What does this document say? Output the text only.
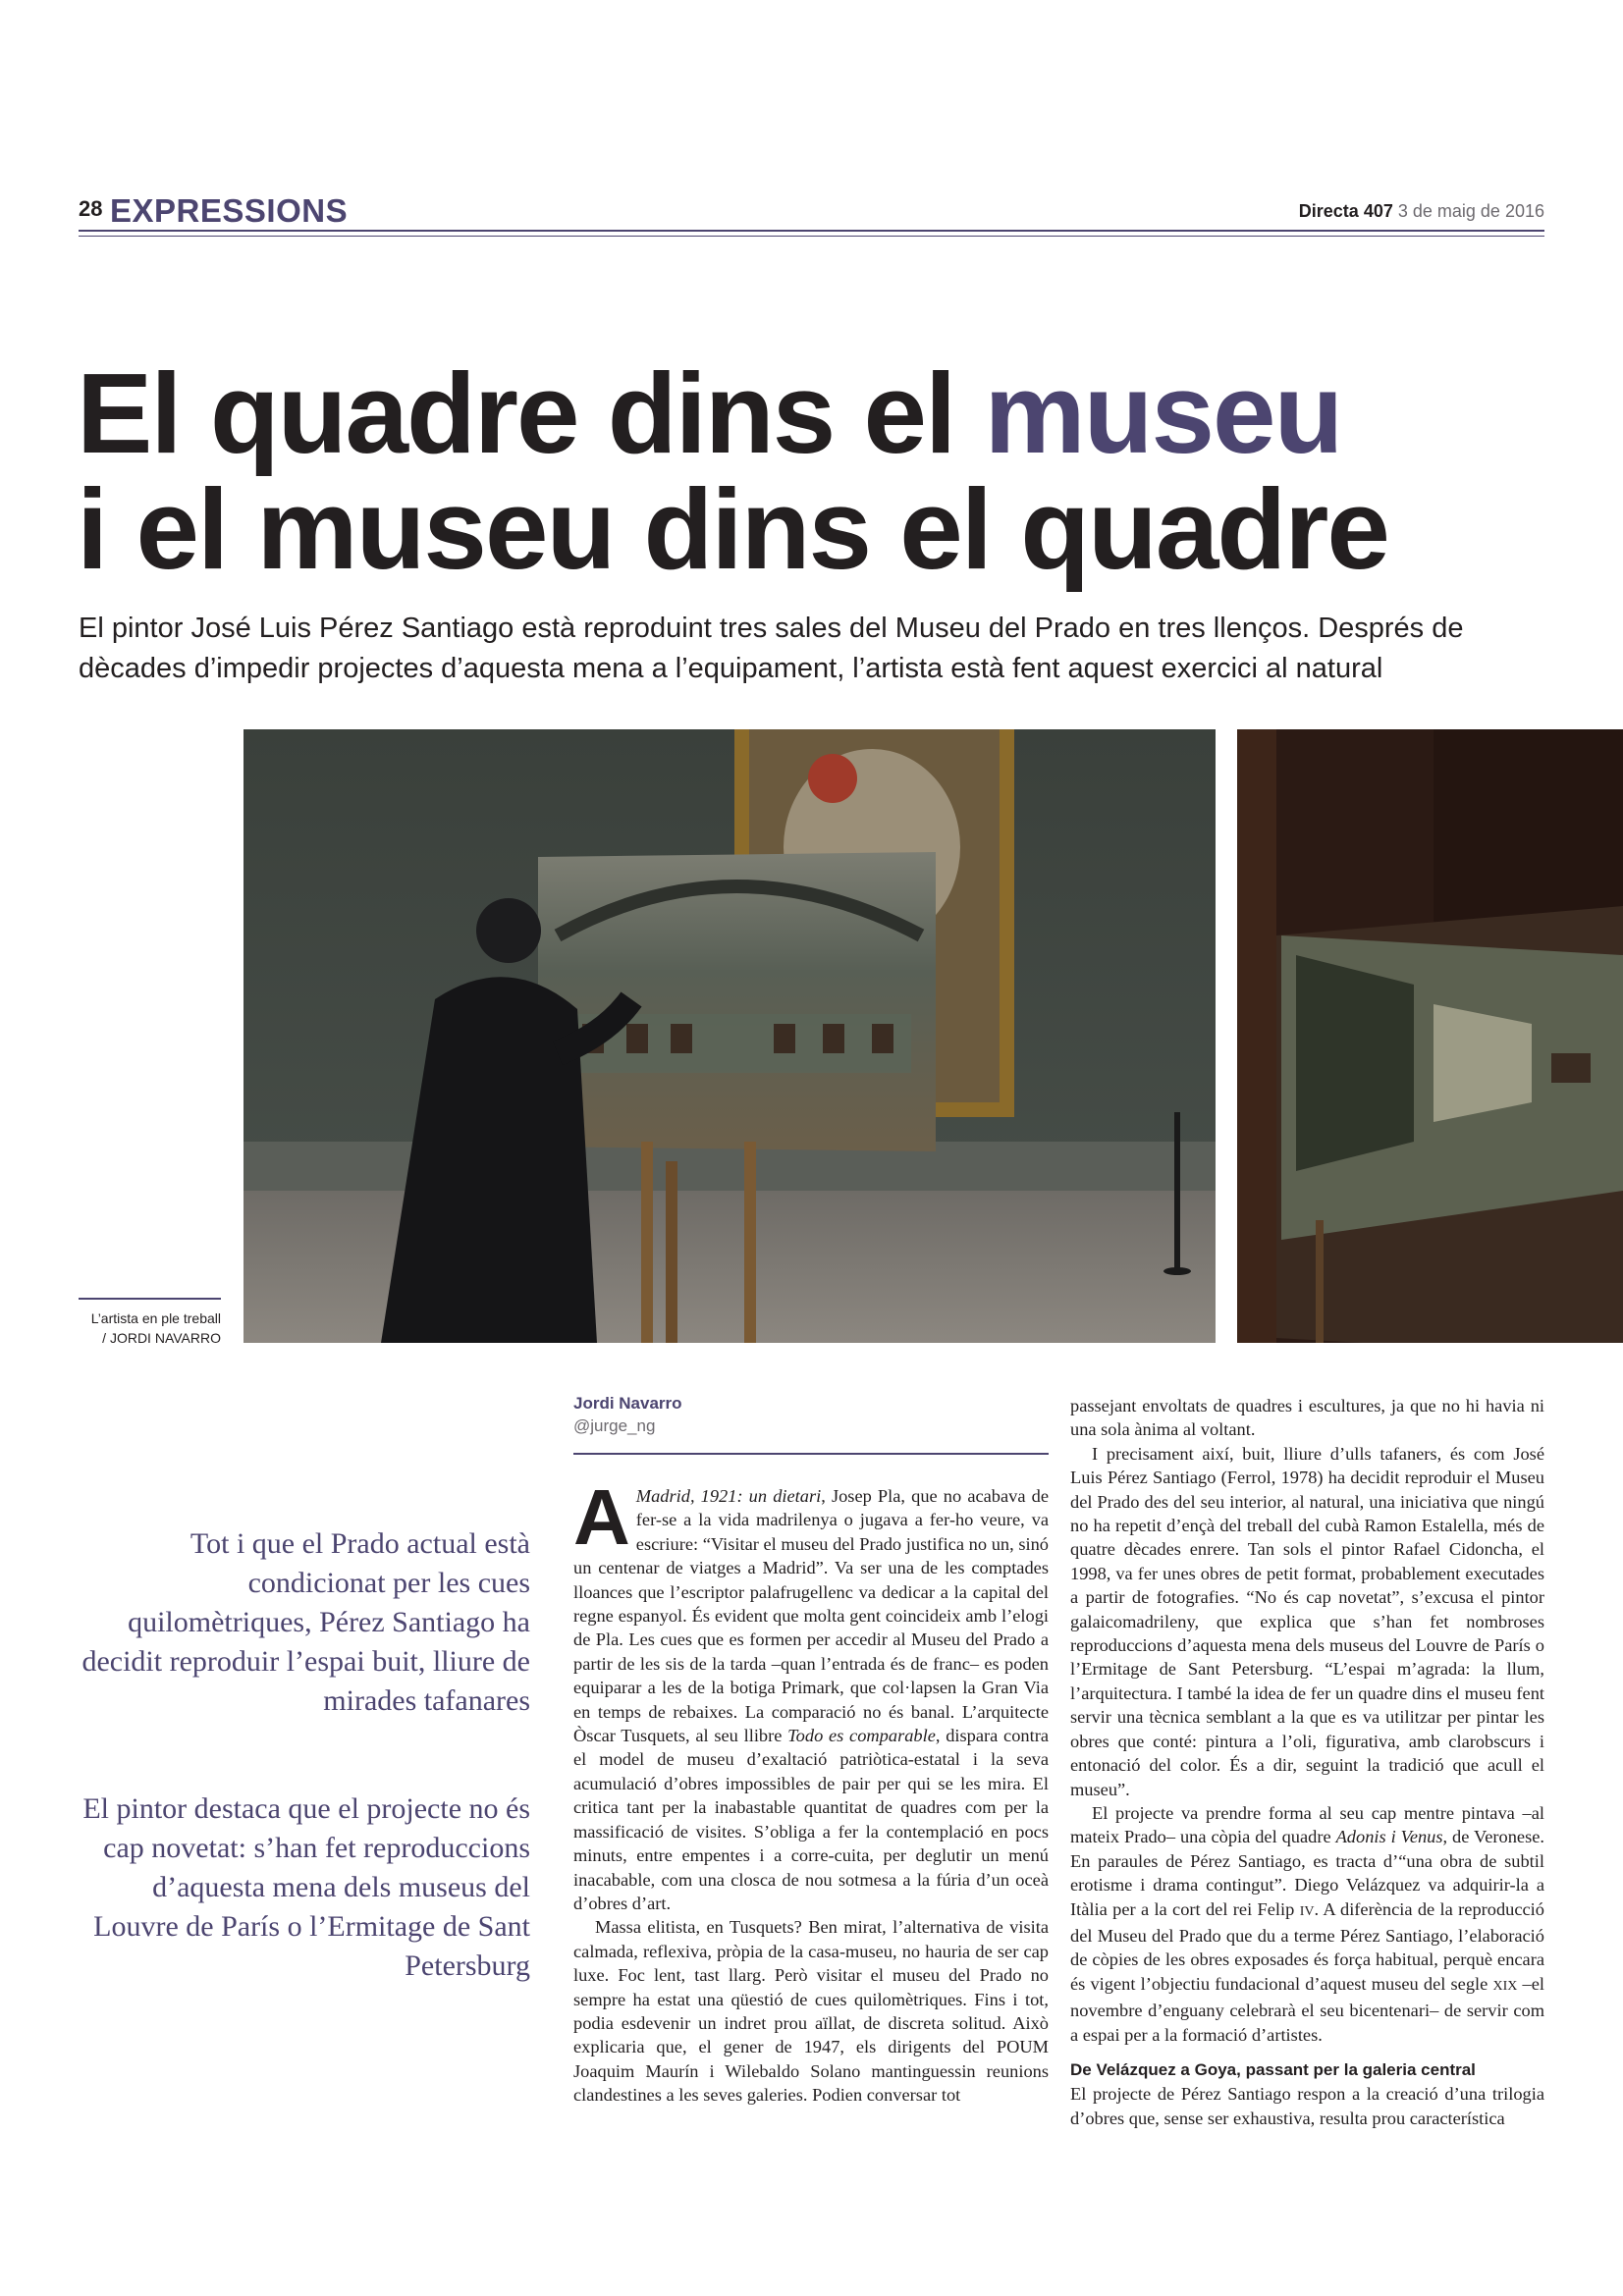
28 EXPRESSIONS	Directa 407 3 de maig de 2016
El quadre dins el museu
i el museu dins el quadre
El pintor José Luis Pérez Santiago està reproduint tres sales del Museu del Prado en tres llenços. Després de dècades d’impedir projectes d’aquesta mena a l’equipament, l’artista està fent aquest exercici al natural
L’artista en ple treball
/ JORDI NAVARRO
Jordi Navarro
@jurge_ng
Tot i que el Prado actual està condicionat per les cues quilomètriques, Pérez Santiago ha decidit reproduir l’espai buit, lliure de mirades tafanares
El pintor destaca que el projecte no és cap novetat: s’han fet reproduccions d’aquesta mena dels museus del Louvre de París o l’Ermitage de Sant Petersburg

A Madrid, 1921: un dietari, Josep Pla, que no acabava de fer-se a la vida madrilenya o jugava a fer-ho veure, va escriure: “Visitar el museu del Prado justifica no un, sinó un centenar de viatges a Madrid”. Va ser una de les comptades lloances que l’escriptor palafrugellenc va dedicar a la capital del regne espanyol. És evident que molta gent coincideix amb l’elogi de Pla. Les cues que es formen per accedir al Museu del Prado a partir de les sis de la tarda –quan l’entrada és de franc– es poden equiparar a les de la botiga Primark, que col·lapsen la Gran Via en temps de rebaixes. La comparació no és banal. L’arquitecte Òscar Tusquets, al seu llibre Todo es comparable, dispara contra el model de museu d’exaltació patriòtica-estatal i la seva acumulació d’obres impossibles de pair per qui se les mira. El critica tant per la inabastable quantitat de quadres com per la massificació de visites. S’obliga a fer la contemplació en pocs minuts, entre empentes i a corre-cuita, per deglutir un menú inacabable, com una closca de nou sotmesa a la fúria d’un oceà d’obres d’art.

Massa elitista, en Tusquets? Ben mirat, l’alternativa de visita calmada, reflexiva, pròpia de la casa-museu, no hauria de ser cap luxe. Foc lent, tast llarg. Però visitar el museu del Prado no sempre ha estat una qüestió de cues quilomètriques. Fins i tot, podia esdevenir un indret prou aïllat, de discreta solitud. Això explicaria que, el gener de 1947, els dirigents del POUM Joaquim Maurín i Wilebaldo Solano mantinguessin reunions clandestines a les seves galeries. Podien conversar tot

passejant envoltats de quadres i escultures, ja que no hi havia ni una sola ànima al voltant.

I precisament així, buit, lliure d’ulls tafaners, és com José Luis Pérez Santiago (Ferrol, 1978) ha decidit reproduir el Museu del Prado des del seu interior, al natural, una iniciativa que ningú no ha repetit d’ençà del treball del cubà Ramon Estalella, més de quatre dècades enrere. Tan sols el pintor Rafael Cidoncha, el 1998, va fer unes obres de petit format, probablement executades a partir de fotografies. “No és cap novetat”, s’excusa el pintor galaicomadrileny, que explica que s’han fet nombroses reproduccions d’aquesta mena dels museus del Louvre de París o l’Ermitage de Sant Petersburg. “L’espai m’agrada: la llum, l’arquitectura. I també la idea de fer un quadre dins el museu fent servir una tècnica semblant a la que es va utilitzar per pintar les obres que conté: pintura a l’oli, figurativa, amb clarobscurs i entonació del color. És a dir, seguint la tradició que acull el museu”.

El projecte va prendre forma al seu cap mentre pintava –al mateix Prado– una còpia del quadre Adonis i Venus, de Veronese. En paraules de Pérez Santiago, es tracta d’“una obra de subtil erotisme i drama contingut”. Diego Velázquez va adquirir-la a Itàlia per a la cort del rei Felip IV. A diferència de la reproducció del Museu del Prado que du a terme Pérez Santiago, l’elaboració de còpies de les obres exposades és força habitual, perquè encara és vigent l’objectiu fundacional d’aquest museu del segle XIX –el novembre d’enguany celebrarà el seu bicentenari– de servir com a espai per a la formació d’artistes.

De Velázquez a Goya, passant per la galeria central

El projecte de Pérez Santiago respon a la creació d’una trilogia d’obres que, sense ser exhaustiva, resulta prou característica
